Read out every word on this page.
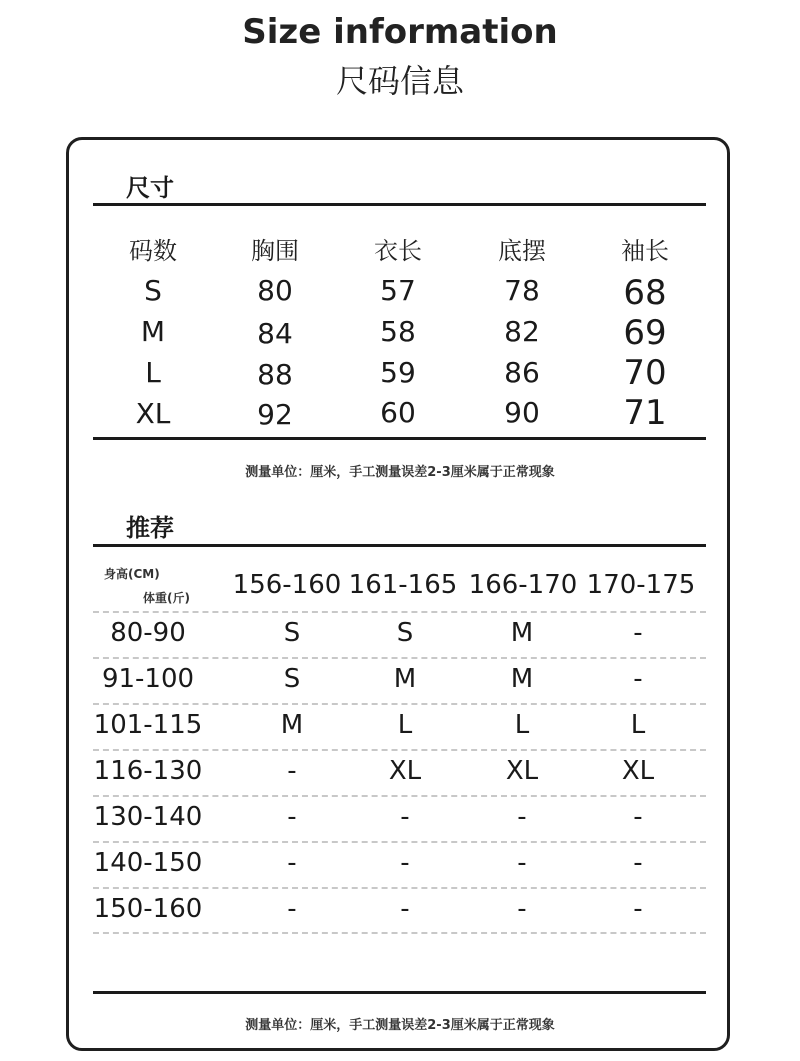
Size information
尺码信息
尺寸
码数	胸围	衣长	底摆	袖长
S	80	57	78	68
M	84	58	82	69
L	88	59	86	70
XL	92	60	90	71
测量单位：厘米，手工测量误差2-3厘米属于正常现象
推荐
身高(CM)
体重(斤) 156-160 161-165 166-170 170-175
80-90	S	S	M	-
91-100	S	M	M	-
101-115	M	L	L	L
116-130	-	XL	XL	XL
130-140	-	-	-	-
140-150	-	-	-	-
150-160	-	-	-	-
测量单位：厘米，手工测量误差2-3厘米属于正常现象
